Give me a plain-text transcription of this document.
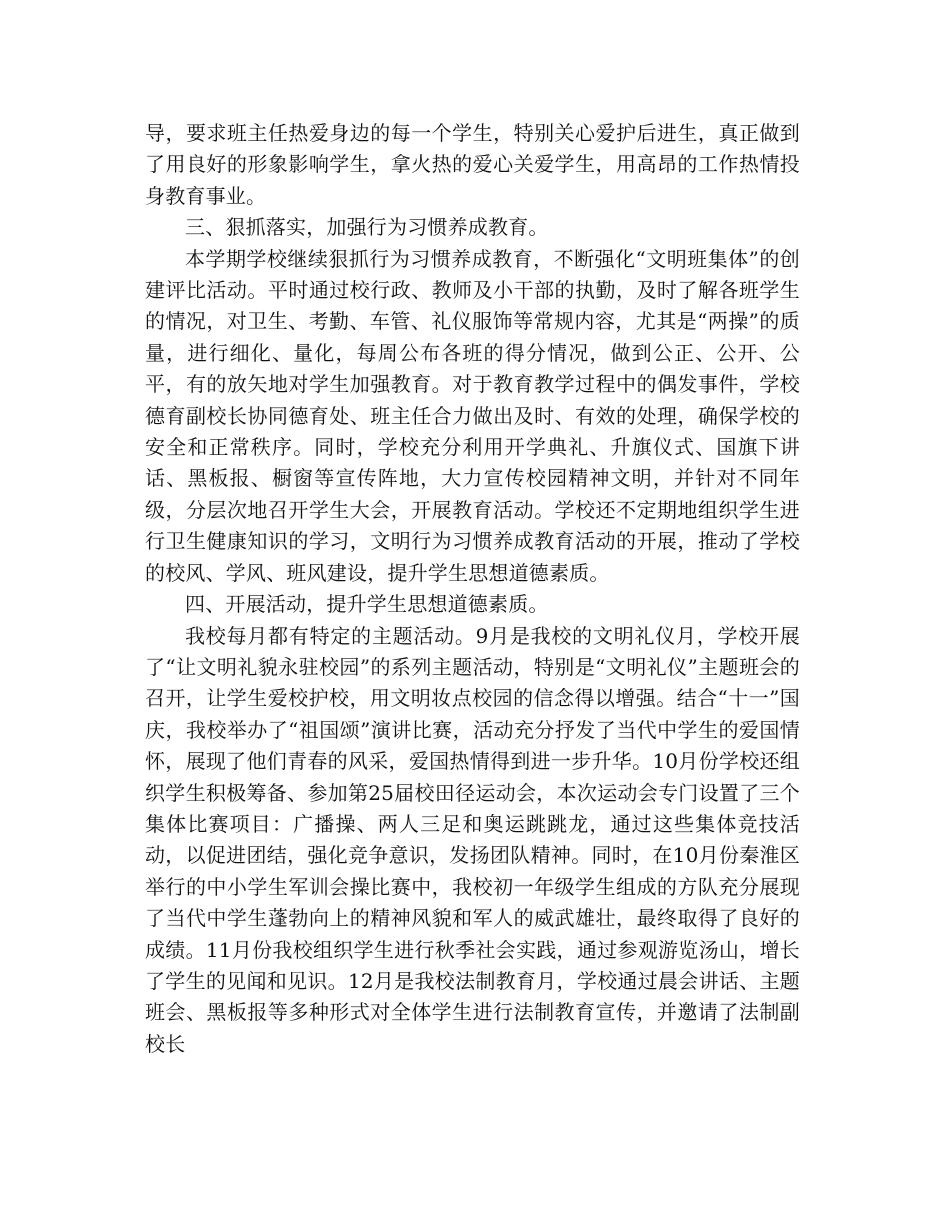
导，要求班主任热爱身边的每一个学生，特别关心爱护后进生，真正做到了用良好的形象影响学生，拿火热的爱心关爱学生，用高昂的工作热情投身教育事业。

三、狠抓落实，加强行为习惯养成教育。

本学期学校继续狠抓行为习惯养成教育，不断强化“文明班集体”的创建评比活动。平时通过校行政、教师及小干部的执勤，及时了解各班学生的情况，对卫生、考勤、车管、礼仪服饰等常规内容，尤其是“两操”的质量，进行细化、量化，每周公布各班的得分情况，做到公正、公开、公平，有的放矢地对学生加强教育。对于教育教学过程中的偶发事件，学校德育副校长协同德育处、班主任合力做出及时、有效的处理，确保学校的安全和正常秩序。同时，学校充分利用开学典礼、升旗仪式、国旗下讲话、黑板报、橱窗等宣传阵地，大力宣传校园精神文明，并针对不同年级，分层次地召开学生大会，开展教育活动。学校还不定期地组织学生进行卫生健康知识的学习，文明行为习惯养成教育活动的开展，推动了学校的校风、学风、班风建设，提升学生思想道德素质。

四、开展活动，提升学生思想道德素质。

我校每月都有特定的主题活动。9月是我校的文明礼仪月，学校开展了“让文明礼貌永驻校园”的系列主题活动，特别是“文明礼仪”主题班会的召开，让学生爱校护校，用文明妆点校园的信念得以增强。结合“十一”国庆，我校举办了“祖国颂”演讲比赛，活动充分抒发了当代中学生的爱国情怀，展现了他们青春的风采，爱国热情得到进一步升华。10月份学校还组织学生积极筹备、参加第25届校田径运动会，本次运动会专门设置了三个集体比赛项目：广播操、两人三足和奥运跳跳龙，通过这些集体竞技活动，以促进团结，强化竞争意识，发扬团队精神。同时，在10月份秦淮区举行的中小学生军训会操比赛中，我校初一年级学生组成的方队充分展现了当代中学生蓬勃向上的精神风貌和军人的威武雄壮，最终取得了良好的成绩。11月份我校组织学生进行秋季社会实践，通过参观游览汤山，增长了学生的见闻和见识。12月是我校法制教育月，学校通过晨会讲话、主题班会、黑板报等多种形式对全体学生进行法制教育宣传，并邀请了法制副校长
